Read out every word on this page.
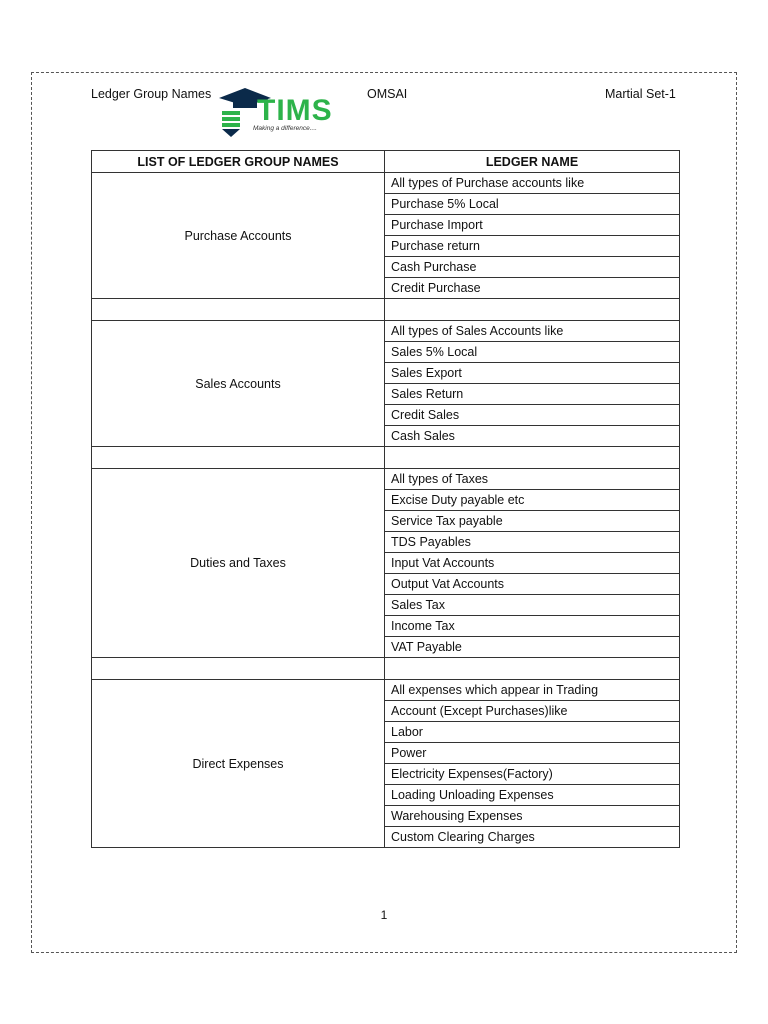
Ledger Group Names	OMSAI	Martial Set-1
TIMS
Making a difference....
LIST OF LEDGER GROUP NAMES	LEDGER NAME
Purchase Accounts	All types of Purchase accounts like
	Purchase 5% Local
	Purchase Import
	Purchase return
	Cash Purchase
	Credit Purchase

Sales Accounts	All types of Sales Accounts like
	Sales 5% Local
	Sales Export
	Sales Return
	Credit Sales
	Cash Sales

Duties and Taxes	All types of Taxes
	Excise Duty payable etc
	Service Tax payable
	TDS Payables
	Input Vat Accounts
	Output Vat Accounts
	Sales Tax
	Income Tax
	VAT Payable

Direct Expenses	All expenses which appear in Trading
	Account (Except Purchases)like
	Labor
	Power
	Electricity Expenses(Factory)
	Loading Unloading Expenses
	Warehousing Expenses
	Custom Clearing Charges
1
